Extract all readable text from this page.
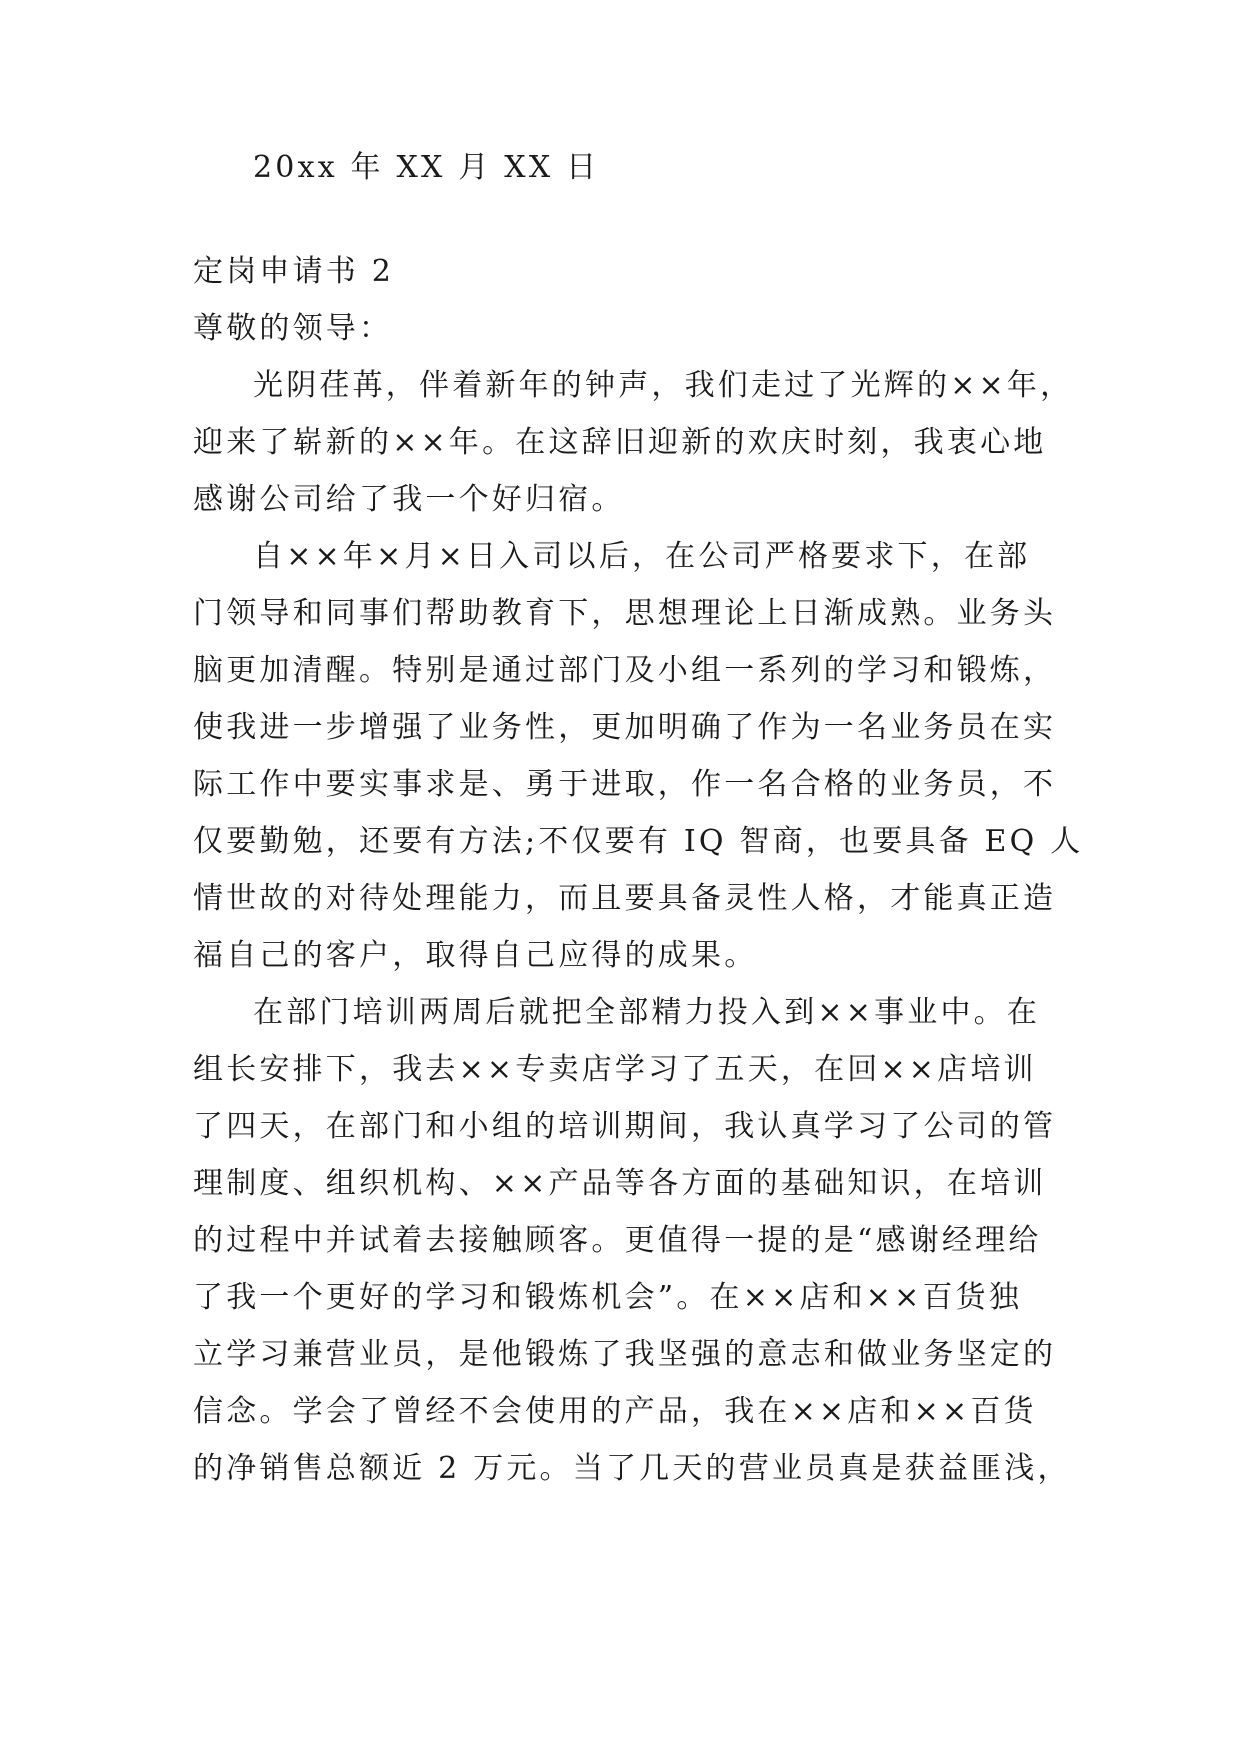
20xx 年 XX 月 XX 日
定岗申请书 2
尊敬的领导：
光阴荏苒，伴着新年的钟声，我们走过了光辉的××年，
迎来了崭新的××年。在这辞旧迎新的欢庆时刻，我衷心地
感谢公司给了我一个好归宿。
自××年×月×日入司以后，在公司严格要求下，在部
门领导和同事们帮助教育下，思想理论上日渐成熟。业务头
脑更加清醒。特别是通过部门及小组一系列的学习和锻炼，
使我进一步增强了业务性，更加明确了作为一名业务员在实
际工作中要实事求是、勇于进取，作一名合格的业务员，不
仅要勤勉，还要有方法;不仅要有 IQ 智商，也要具备 EQ 人
情世故的对待处理能力，而且要具备灵性人格，才能真正造
福自己的客户，取得自己应得的成果。
在部门培训两周后就把全部精力投入到××事业中。在
组长安排下，我去××专卖店学习了五天，在回××店培训
了四天，在部门和小组的培训期间，我认真学习了公司的管
理制度、组织机构、××产品等各方面的基础知识，在培训
的过程中并试着去接触顾客。更值得一提的是“感谢经理给
了我一个更好的学习和锻炼机会”。在××店和××百货独
立学习兼营业员，是他锻炼了我坚强的意志和做业务坚定的
信念。学会了曾经不会使用的产品，我在××店和××百货
的净销售总额近 2 万元。当了几天的营业员真是获益匪浅，
